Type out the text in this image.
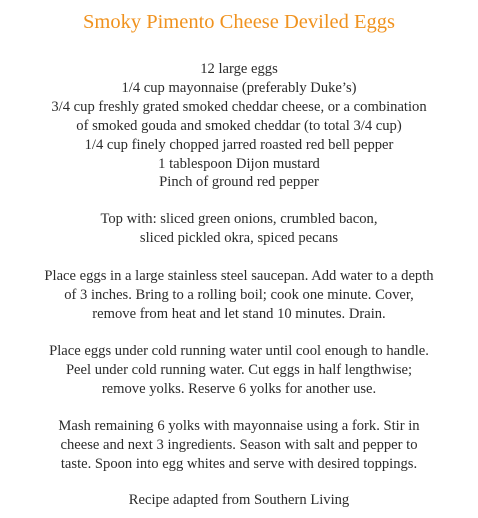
Smoky Pimento Cheese Deviled Eggs
12 large eggs
1/4 cup mayonnaise (preferably Duke’s)
3/4 cup freshly grated smoked cheddar cheese, or a combination
of smoked gouda and smoked cheddar (to total 3/4 cup)
1/4 cup finely chopped jarred roasted red bell pepper
1 tablespoon Dijon mustard
Pinch of ground red pepper
Top with: sliced green onions, crumbled bacon,
sliced pickled okra, spiced pecans
Place eggs in a large stainless steel saucepan. Add water to a depth
of 3 inches. Bring to a rolling boil; cook one minute. Cover,
remove from heat and let stand 10 minutes. Drain.
Place eggs under cold running water until cool enough to handle.
Peel under cold running water. Cut eggs in half lengthwise;
remove yolks. Reserve 6 yolks for another use.
Mash remaining 6 yolks with mayonnaise using a fork. Stir in
cheese and next 3 ingredients. Season with salt and pepper to
taste. Spoon into egg whites and serve with desired toppings.
Recipe adapted from Southern Living
